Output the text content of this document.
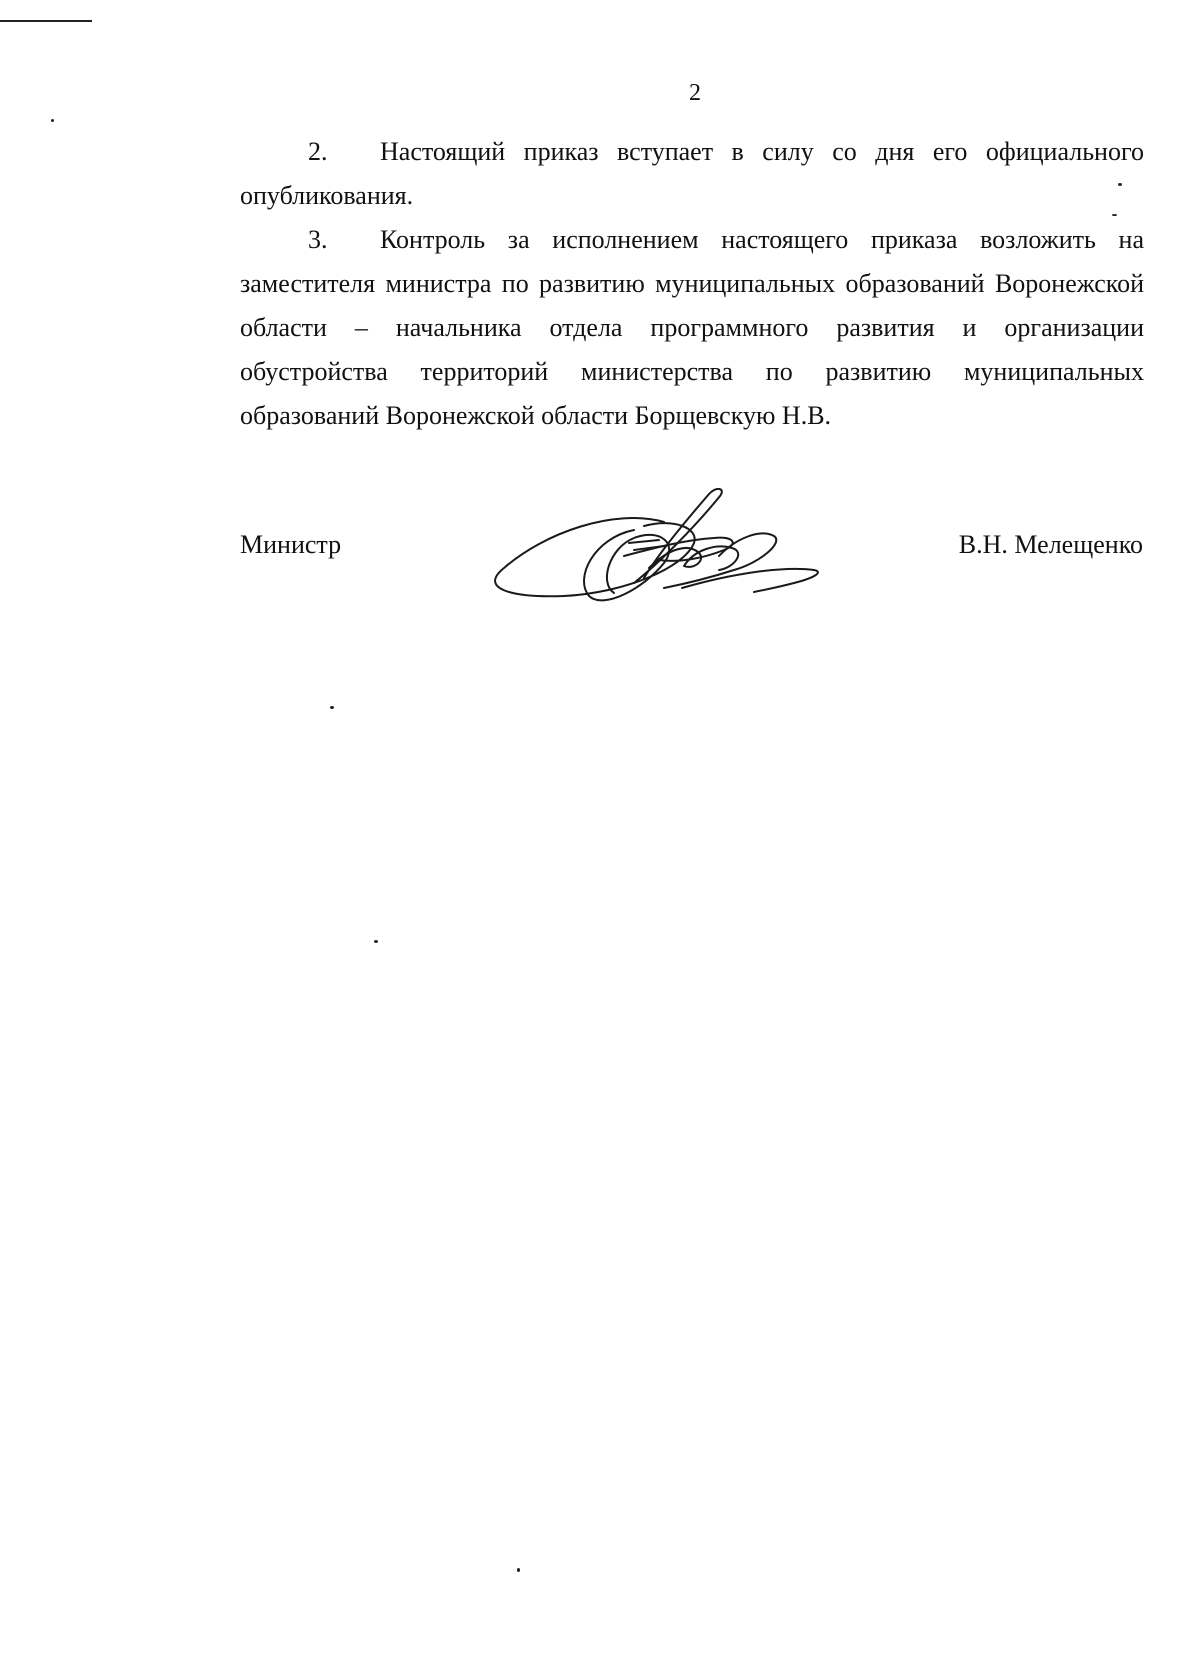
2

2. Настоящий приказ вступает в силу со дня его официального опубликования.

3. Контроль за исполнением настоящего приказа возложить на заместителя министра по развитию муниципальных образований Воронежской области – начальника отдела программного развития и организации обустройства территорий министерства по развитию муниципальных образований Воронежской области Борщевскую Н.В.

Министр	В.Н. Мелещенко
